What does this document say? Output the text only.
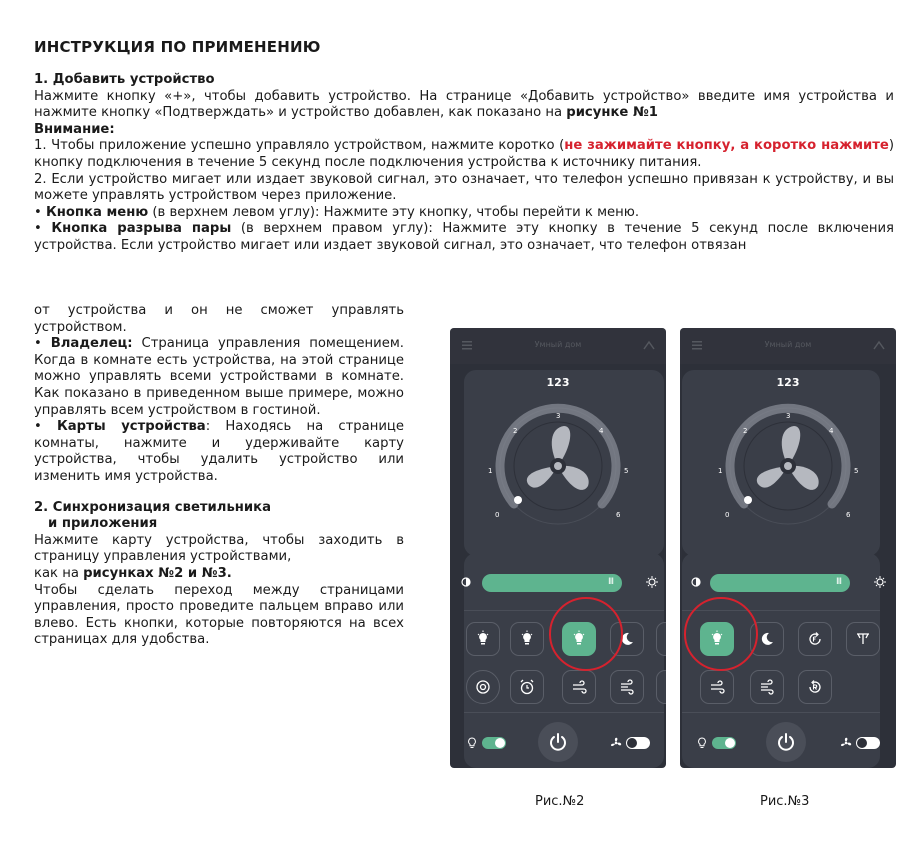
ИНСТРУКЦИЯ ПО ПРИМЕНЕНИЮ

1. Добавить устройство

Нажмите кнопку «+», чтобы добавить устройство. На странице «Добавить устройство» введите имя устройства и нажмите кнопку «Подтверждать» и устройство добавлен, как показано на рисунке №1

Внимание:

1. Чтобы приложение успешно управляло устройством, нажмите коротко (не зажимайте кнопку, а коротко нажмите) кнопку подключения в течение 5 секунд после подключения устройства к источнику питания.

2. Если устройство мигает или издает звуковой сигнал, это означает, что телефон успешно привязан к устройству, и вы можете управлять устройством через приложение.

• Кнопка меню (в верхнем левом углу): Нажмите эту кнопку, чтобы перейти к меню.

• Кнопка разрыва пары (в верхнем правом углу): Нажмите эту кнопку в течение 5 секунд после включения устройства. Если устройство мигает или издает звуковой сигнал, это означает, что телефон отвязан

от устройства и он не сможет управлять устройством.

• Владелец: Страница управления помещением. Когда в комнате есть устройства, на этой странице можно управлять всеми устройствами в комнате. Как показано в приведенном выше примере, можно управлять всем устройством в гостиной.

• Карты устройства: Находясь на странице комнаты, нажмите и удерживайте карту устройства, чтобы удалить устройство или изменить имя устройства.

2. Синхронизация светильника

и приложения

Нажмите карту устройства, чтобы заходить в страницу управления устройствами,

как на рисунках №2 и №3.

Чтобы сделать переход между страницами управления, просто проведите пальцем вправо или влево. Есть кнопки, которые повторяются на всех страницах для удобства.

Умный дом
123
0
1
2
3
4
5
6
III
Умный дом
123
0
1
2
3
4
5
6
III
Рис.№2	Рис.№3
